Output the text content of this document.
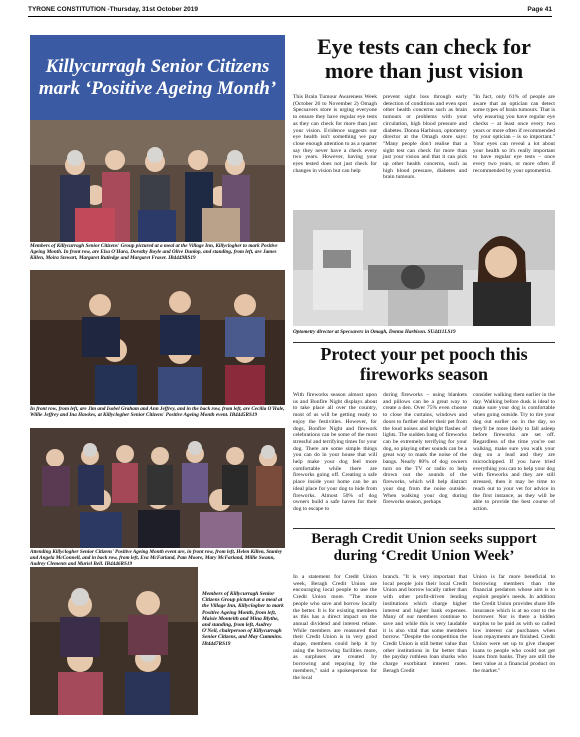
TYRONE CONSTITUTION -Thursday, 31st October 2019	Page 41
Killycurragh Senior Citizens mark ‘Positive Ageing Month’
Members of Killycurragh Senior Citizens' Group pictured at a meal at the Village Inn, Killyclogher to mark Positive Ageing Month. In front row, are Elsa O'Hara, Dorothy Boyle and Olive Dunlop, and standing, from left, are James Killen, Moira Stewart, Margaret Rutledge and Margaret Fraser. IB4449RS19
In front row, from left, are Jim and Isobel Graham and Ann Jeffrey, and in the back row, from left, are Cecilia O'Hale, Willie Jeffrey and Ina Hawkes, at Killyclogher Senior Citizens' Positive Ageing Month event. IB4445RS19
Attending Killyclogher Senior Citizens' Positive Ageing Month event are, in front row, from left, Helen Killen, Stanley and Angela McConnell, and in back row, from left, Eva McFarland, Pam Moore, Mary McFarland, Millie Swann, Audrey Clements and Muriel Bell. IB4446RS19
Members of Killycurragh Senior Citizens Group pictured at a meal at the Village Inn, Killyclogher to mark Positive Ageing Month, from left, Maisie Monteith and Mina Blythe, and standing, from left, Audrey O'Neil, chairperson of Killycurragh Senior Citizens, and May Cummins. IB4447RS19
Eye tests can check for more than just vision
This Brain Tumour Awareness Week (October 26 to November 2) Omagh Specsavers store is urging everyone to ensure they have regular eye tests as they can check for more than just your vision. Evidence suggests our eye health isn't something we pay close enough attention to as a quarter say they never have a check every two years. However, having your eyes tested does not just check for changes in vision but can help
prevent sight loss through early detection of conditions and even spot other health concerns such as brain tumours or problems with your circulation, high blood pressure and diabetes. Donna Harbison, optometry director at the Omagh store says: "Many people don't realise that a sight test can check for more than just your vision and that it can pick up other health concerns, such as high blood pressure, diabetes and brain tumours.
"In fact, only 61% of people are aware that an optician can detect some types of brain tumours. That is why ensuring you have regular eye checks – at least once every two years or more often if recommended by your optician – is so important." Your eyes can reveal a lot about your health so it's really important to have regular eye tests – once every two years, or more often if recommended by your optometrist.
Optometry director at Specsavers in Omagh, Donna Harbison. SU4411LS19
Protect your pet pooch this fireworks season
With fireworks season almost upon us and Bonfire Night displays about to take place all over the country, most of us will be getting ready to enjoy the festivities. However, for dogs, Bonfire Night and firework celebrations can be some of the most stressful and terrifying times for your dog. There are some simple things you can do in your house that will help make your dog feel more comfortable while there are fireworks going off. Creating a safe place inside your home can be an ideal place for your dog to hide from fireworks. Almost 50% of dog owners build a safe haven for their dog to escape to
during fireworks – using blankets and pillows can be a great way to create a den. Over 75% even choose to close the curtains, windows and doors to further shelter their pet from the loud noises and bright flashes of lights. The sudden bang of fireworks can be extremely terrifying for your dog, so playing other sounds can be a great way to mask the noise of the bangs. Nearly 80% of dog owners turn on the TV or radio to help drown out the sounds of the fireworks, which will help distract your dog from the noise outside. When walking your dog during fireworks season, perhaps
consider walking them earlier in the day. Walking before dusk is ideal to make sure your dog is comfortable when going outside. Try to tire your dog out earlier on in the day, so they'll be more likely to fall asleep before fireworks are set off. Regardless of the time you're out walking, make sure you walk your dog on a lead and they are microchipped. If you have tried everything you can to help your dog with fireworks and they are still stressed, then it may be time to reach out to your vet for advice in the first instance, as they will be able to provide the best course of action.
Beragh Credit Union seeks support during ‘Credit Union Week’
In a statement for Credit Union week, Beragh Credit Union are encouraging local people to use the Credit Union more. "The more people who save and borrow locally the better. It is for existing members as this has a direct impact on the annual dividend and interest rebate. While members are reassured that their Credit Union is in very good shape, members could help it by using the borrowing facilities more, as surpluses are created by borrowing and repaying by the members," said a spokesperson for the local
branch. "It is very important that local people join their local Credit Union and borrow locally rather than with other profit-driven lending institutions which charge higher interest and higher bank expenses. Many of our members continue to save and while this is very laudable it is also vital that some members borrow. "Despite the competition the Credit Union is still better value that other institutions in far better than the payday ruthless loan sharks who charge exorbitant interest rates. Beragh Credit
Union is far more beneficial to borrowing members than the financial predators whose aim is to exploit people's needs. In addition the Credit Union provides share life insurance which is at no cost to the borrower. Nor is there a hidden surplus to be paid as with so called low interest car purchases when loan repayments are finished. Credit Union were set up to give cheaper loans to people who could not get loans from banks. They are still the best value at a financial product on the market."
